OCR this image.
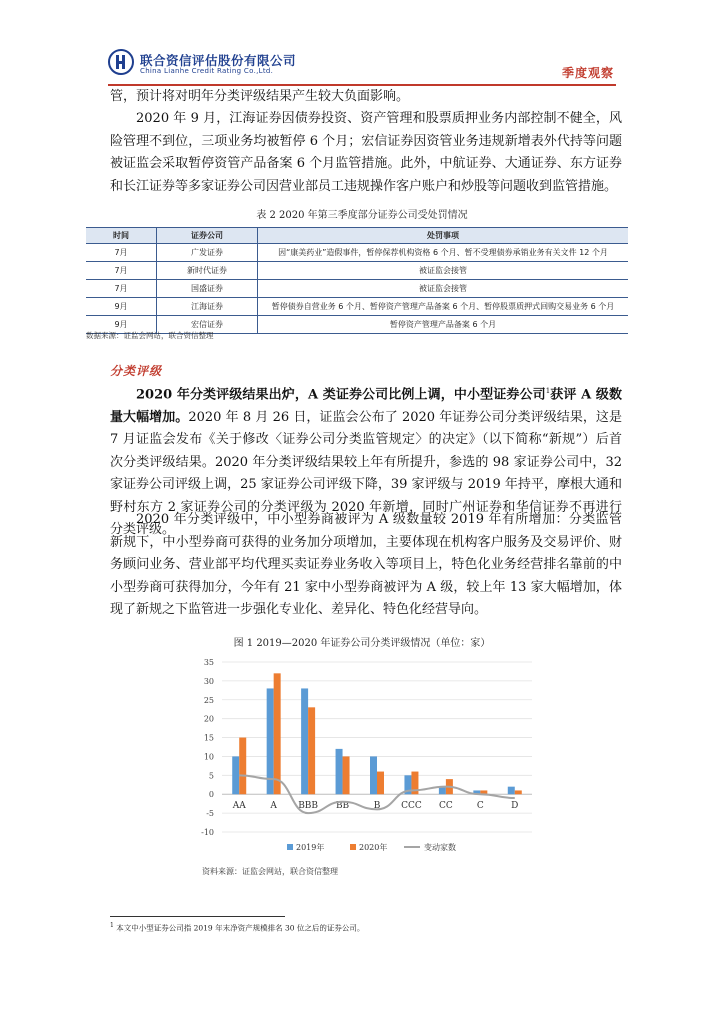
联合资信评估股份有限公司
China Lianhe Credit Rating Co.,Ltd.	季度观察

管，预计将对明年分类评级结果产生较大负面影响。

2020 年 9 月，江海证券因债券投资、资产管理和股票质押业务内部控制不健全，风险管理不到位，三项业务均被暂停 6 个月；宏信证券因资管业务违规新增表外代持等问题被证监会采取暂停资管产品备案 6 个月监管措施。此外，中航证券、大通证券、东方证券和长江证券等多家证券公司因营业部员工违规操作客户账户和炒股等问题收到监管措施。

表 2 2020 年第三季度部分证券公司受处罚情况
时间	证券公司	处罚事项
7月	广发证券	因“康美药业”造假事件，暂停保荐机构资格 6 个月、暂不受理债券承销业务有关文件 12 个月
7月	新时代证券	被证监会接管
7月	国盛证券	被证监会接管
9月	江海证券	暂停债券自营业务 6 个月、暂停资产管理产品备案 6 个月、暂停股票质押式回购交易业务 6 个月
9月	宏信证券	暂停资产管理产品备案 6 个月
数据来源：证监会网站，联合资信整理
分类评级

2020 年分类评级结果出炉，A 类证券公司比例上调，中小型证券公司$^1$获评 A 级数量大幅增加。2020 年 8 月 26 日，证监会公布了 2020 年证券公司分类评级结果，这是 7 月证监会发布《关于修改〈证券公司分类监管规定〉的决定》（以下简称“新规”）后首次分类评级结果。2020 年分类评级结果较上年有所提升，参选的 98 家证券公司中，32 家证券公司评级上调，25 家证券公司评级下降，39 家评级与 2019 年持平，摩根大通和野村东方 2 家证券公司的分类评级为 2020 年新增，同时广州证券和华信证券不再进行分类评级。

2020 年分类评级中，中小型券商被评为 A 级数量较 2019 年有所增加：分类监管新规下，中小型券商可获得的业务加分项增加，主要体现在机构客户服务及交易评价、财务顾问业务、营业部平均代理买卖证券业务收入等项目上，特色化业务经营排名靠前的中小型券商可获得加分，今年有 21 家中小型券商被评为 A 级，较上年 13 家大幅增加，体现了新规之下监管进一步强化专业化、差异化、特色化经营导向。

图 1 2019—2020 年证券公司分类评级情况（单位：家）
-10
-5
0
5
10
15
20
25
30
35
AA	A BBB BB	B CCC CC	C	D
2019年	2020年	变动家数
资料来源：证监会网站，联合资信整理
$^1$ 本文中小型证券公司指 2019 年末净资产规模排名 30 位之后的证券公司。
